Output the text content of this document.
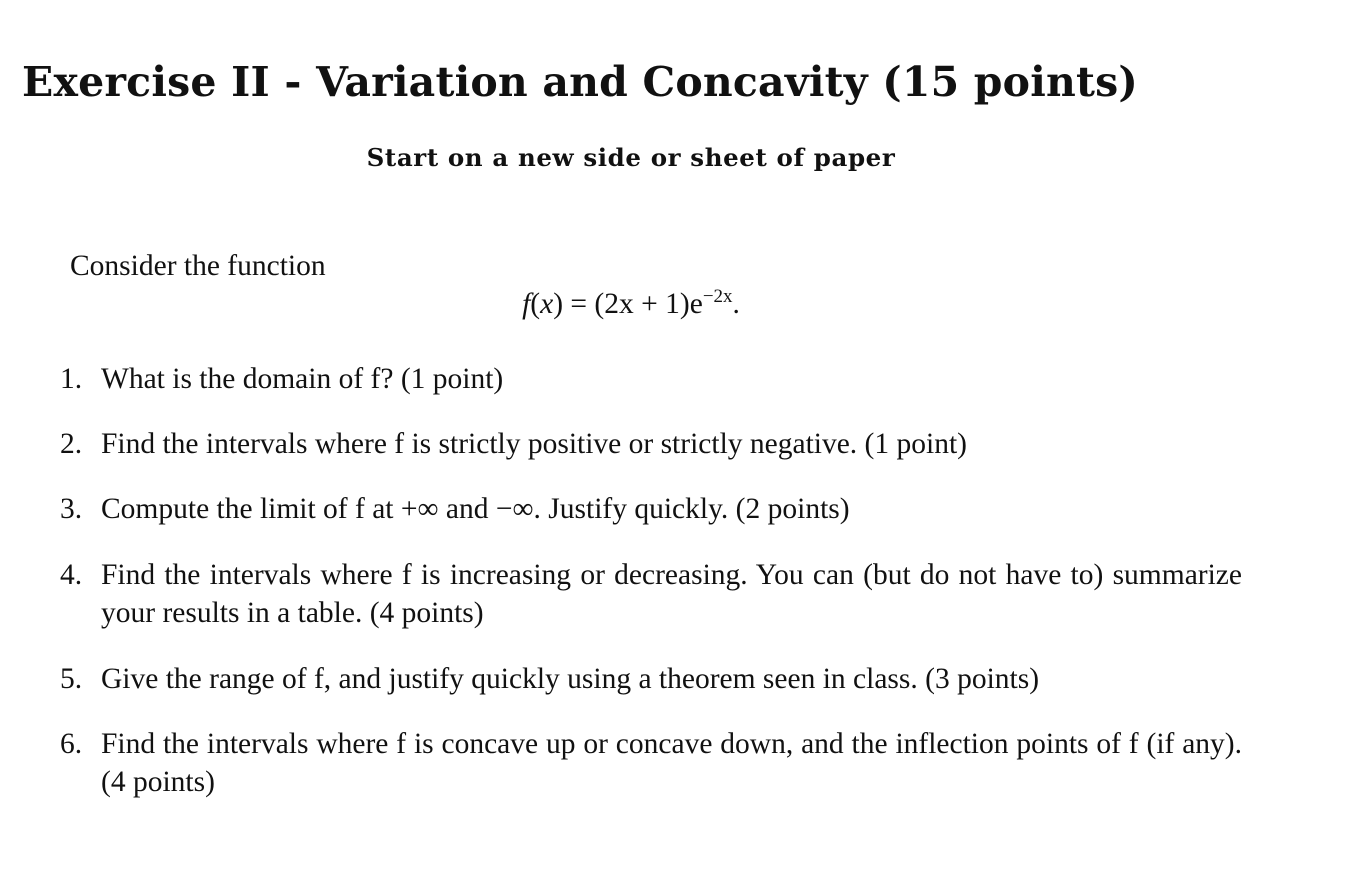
Exercise II - Variation and Concavity (15 points)
Start on a new side or sheet of paper
Consider the function
$f(x) = (2x + 1)e^{-2x}$.
1. What is the domain of f? (1 point)
2. Find the intervals where f is strictly positive or strictly negative. (1 point)
3. Compute the limit of f at +∞ and −∞. Justify quickly. (2 points)
4. Find the intervals where f is increasing or decreasing. You can (but do not have to) summarize your results in a table. (4 points)
5. Give the range of f, and justify quickly using a theorem seen in class. (3 points)
6. Find the intervals where f is concave up or concave down, and the inflection points of f (if any). (4 points)
